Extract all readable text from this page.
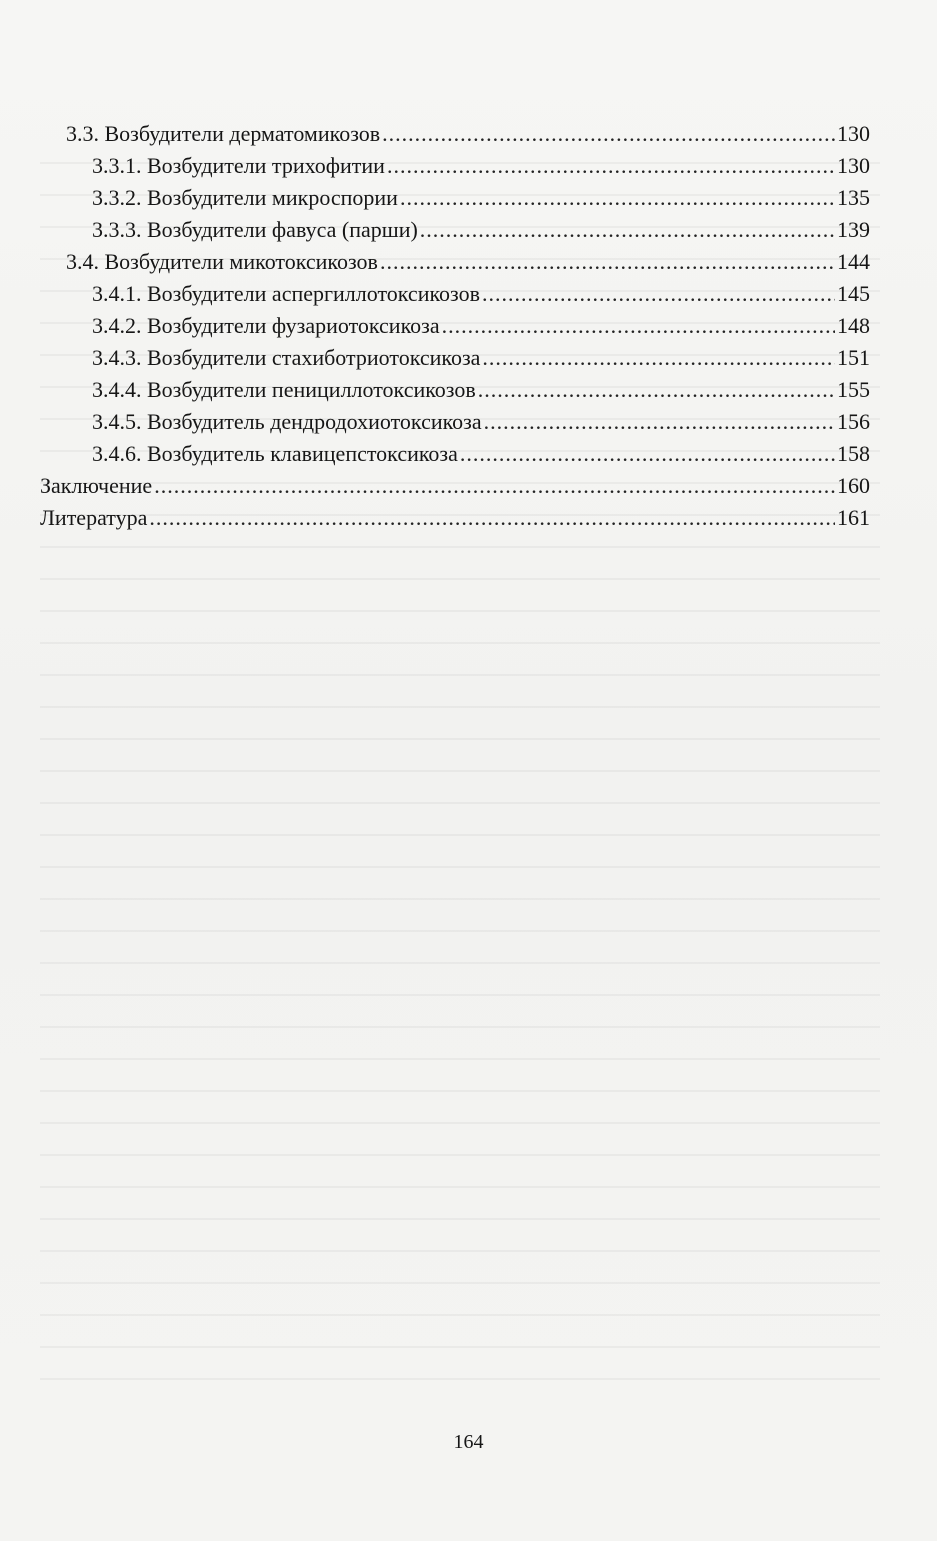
3.3. Возбудители дерматомикозов .....	130
3.3.1. Возбудители трихофитии .....	130
3.3.2. Возбудители микроспории .....	135
3.3.3. Возбудители фавуса (парши) .....	139
3.4. Возбудители микотоксикозов .....	144
3.4.1. Возбудители аспергиллотоксикозов .....	145
3.4.2. Возбудители фузариотоксикоза .....	148
3.4.3. Возбудители стахиботриотоксикоза .....	151
3.4.4. Возбудители пенициллотоксикозов .....	155
3.4.5. Возбудитель дендродохиотоксикоза .....	156
3.4.6. Возбудитель клавицепстоксикоза .....	158
Заключение .....	160
Литература .....	161
164
